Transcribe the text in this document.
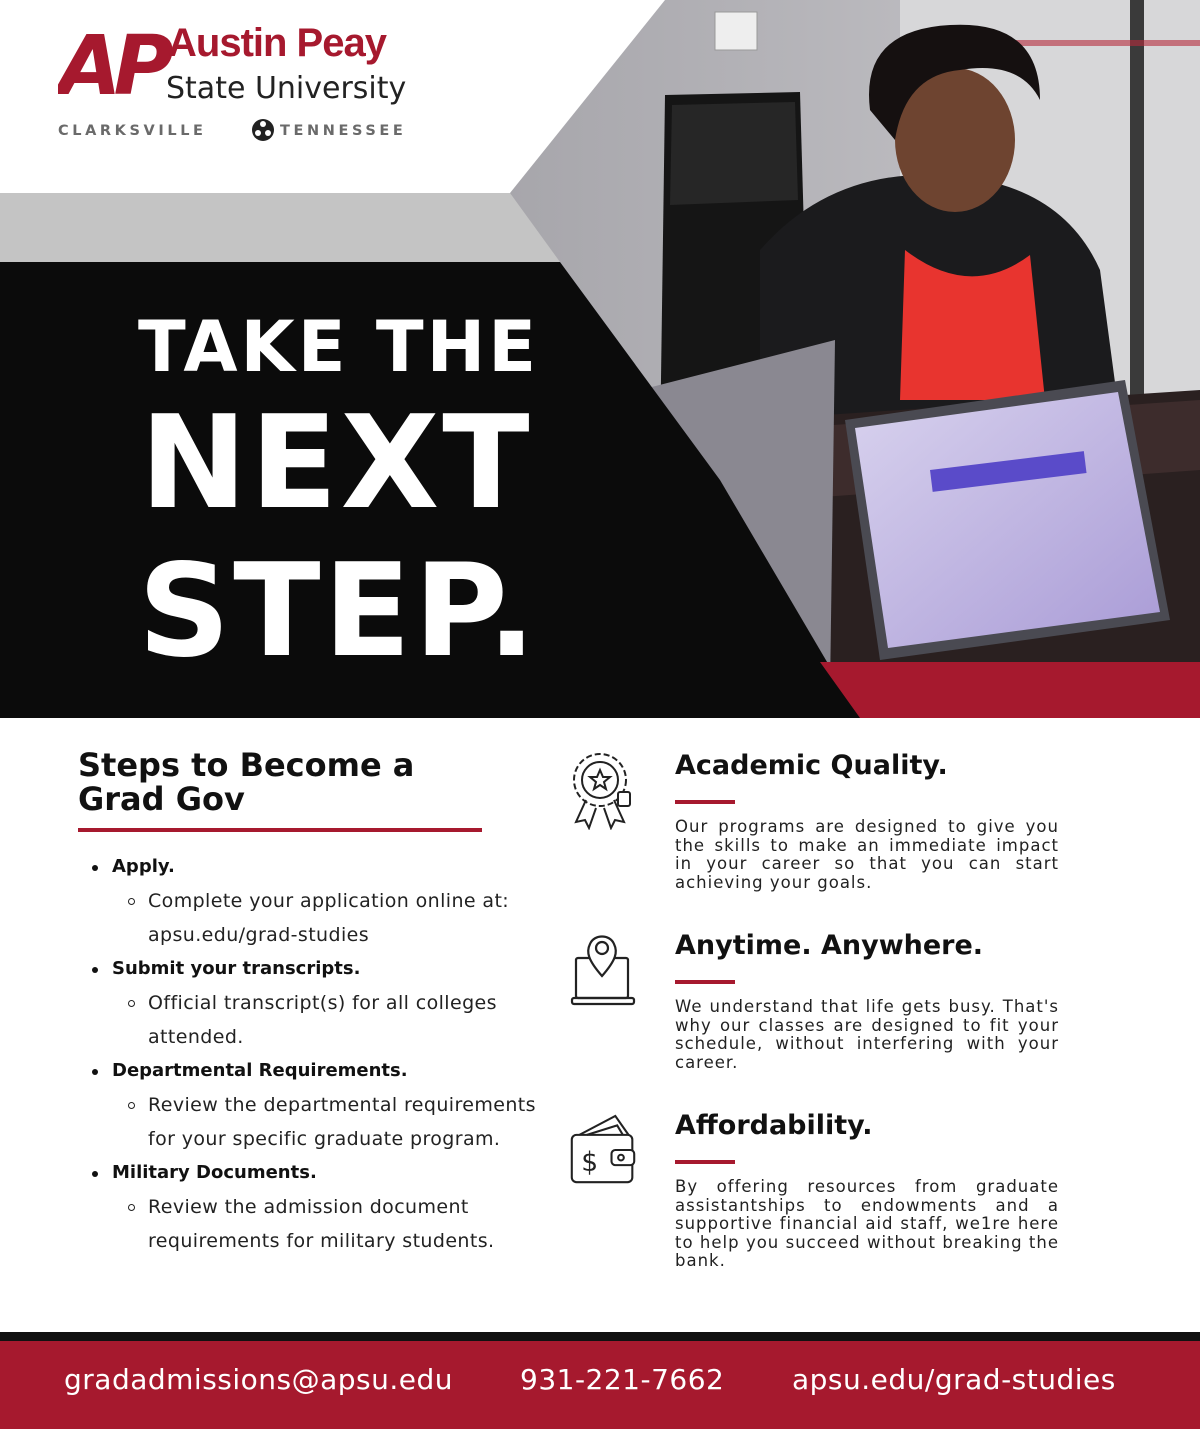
AP Austin Peay
State University
CLARKSVILLE	TENNESSEE
TAKE THE
NEXT
STEP.
Steps to Become a
Grad Gov
Apply.
Complete your application online at: apsu.edu/grad-studies
Submit your transcripts.
Official transcript(s) for all colleges attended.
Departmental Requirements.
Review the departmental requirements for your specific graduate program.
Military Documents.
Review the admission document requirements for military students.
Academic Quality.

Our programs are designed to give you the skills to make an immediate impact in your career so that you can start achieving your goals.

Anytime. Anywhere.

We understand that life gets busy. That's why our classes are designed to fit your schedule, without interfering with your career.

$
Affordability.

By offering resources from graduate assistantships to endowments and a supportive financial aid staff, we1re here to help you succeed without breaking the bank.

gradadmissions@apsu.edu 931-221-7662 apsu.edu/grad-studies
